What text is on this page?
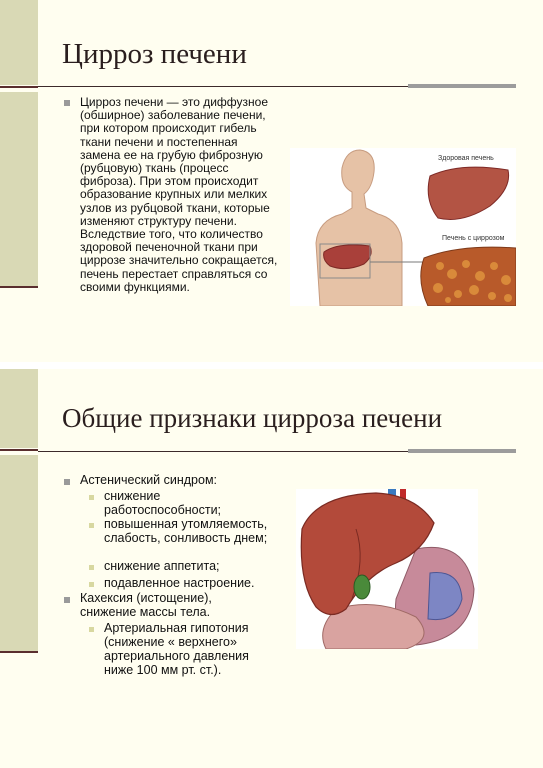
Цирроз печени
Цирроз печени — это диффузное (обширное) заболевание печени, при котором происходит гибель ткани печени и постепенная замена ее на грубую фиброзную (рубцовую) ткань (процесс фиброза). При этом происходит образование крупных или мелких узлов из рубцовой ткани, которые изменяют структуру печени. Вследствие того, что количество здоровой печеночной ткани при циррозе значительно сокращается, печень перестает справляться со своими функциями.
Здоровая печень
Печень с циррозом
Общие признаки цирроза печени
Астенический синдром:
снижение работоспособности;
повышенная утомляемость, слабость, сонливость днем;
снижение аппетита;
подавленное настроение.
Кахексия (истощение), снижение массы тела.
Артериальная гипотония (снижение « верхнего» артериального давления ниже 100 мм рт. ст.).
